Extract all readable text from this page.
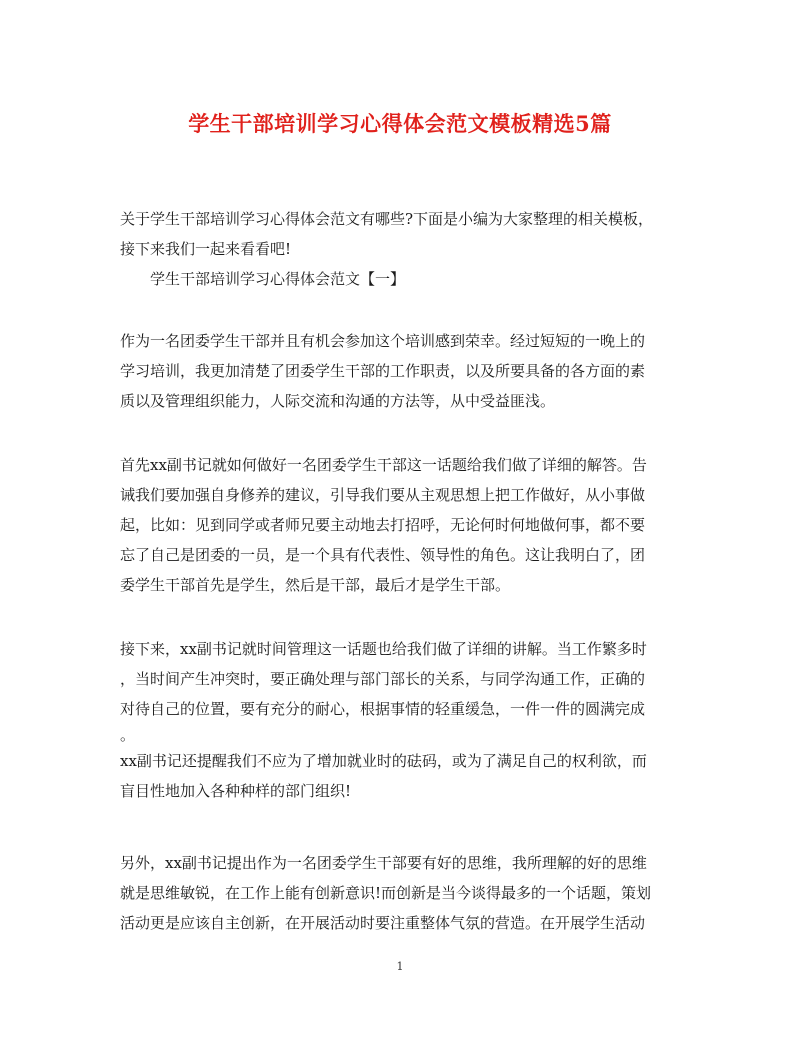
学生干部培训学习心得体会范文模板精选5篇
关于学生干部培训学习心得体会范文有哪些?下面是小编为大家整理的相关模板，
接下来我们一起来看看吧!
学生干部培训学习心得体会范文【一】
作为一名团委学生干部并且有机会参加这个培训感到荣幸。经过短短的一晚上的
学习培训，我更加清楚了团委学生干部的工作职责，以及所要具备的各方面的素
质以及管理组织能力，人际交流和沟通的方法等，从中受益匪浅。
首先xx副书记就如何做好一名团委学生干部这一话题给我们做了详细的解答。告
诫我们要加强自身修养的建议，引导我们要从主观思想上把工作做好，从小事做
起，比如：见到同学或者师兄要主动地去打招呼，无论何时何地做何事，都不要
忘了自己是团委的一员，是一个具有代表性、领导性的角色。这让我明白了，团
委学生干部首先是学生，然后是干部，最后才是学生干部。
接下来，xx副书记就时间管理这一话题也给我们做了详细的讲解。当工作繁多时
，当时间产生冲突时，要正确处理与部门部长的关系，与同学沟通工作，正确的
对待自己的位置，要有充分的耐心，根据事情的轻重缓急，一件一件的圆满完成
。
xx副书记还提醒我们不应为了增加就业时的砝码，或为了满足自己的权利欲，而
盲目性地加入各种种样的部门组织!
另外，xx副书记提出作为一名团委学生干部要有好的思维，我所理解的好的思维
就是思维敏锐，在工作上能有创新意识!而创新是当今谈得最多的一个话题，策划
活动更是应该自主创新，在开展活动时要注重整体气氛的营造。在开展学生活动
1
